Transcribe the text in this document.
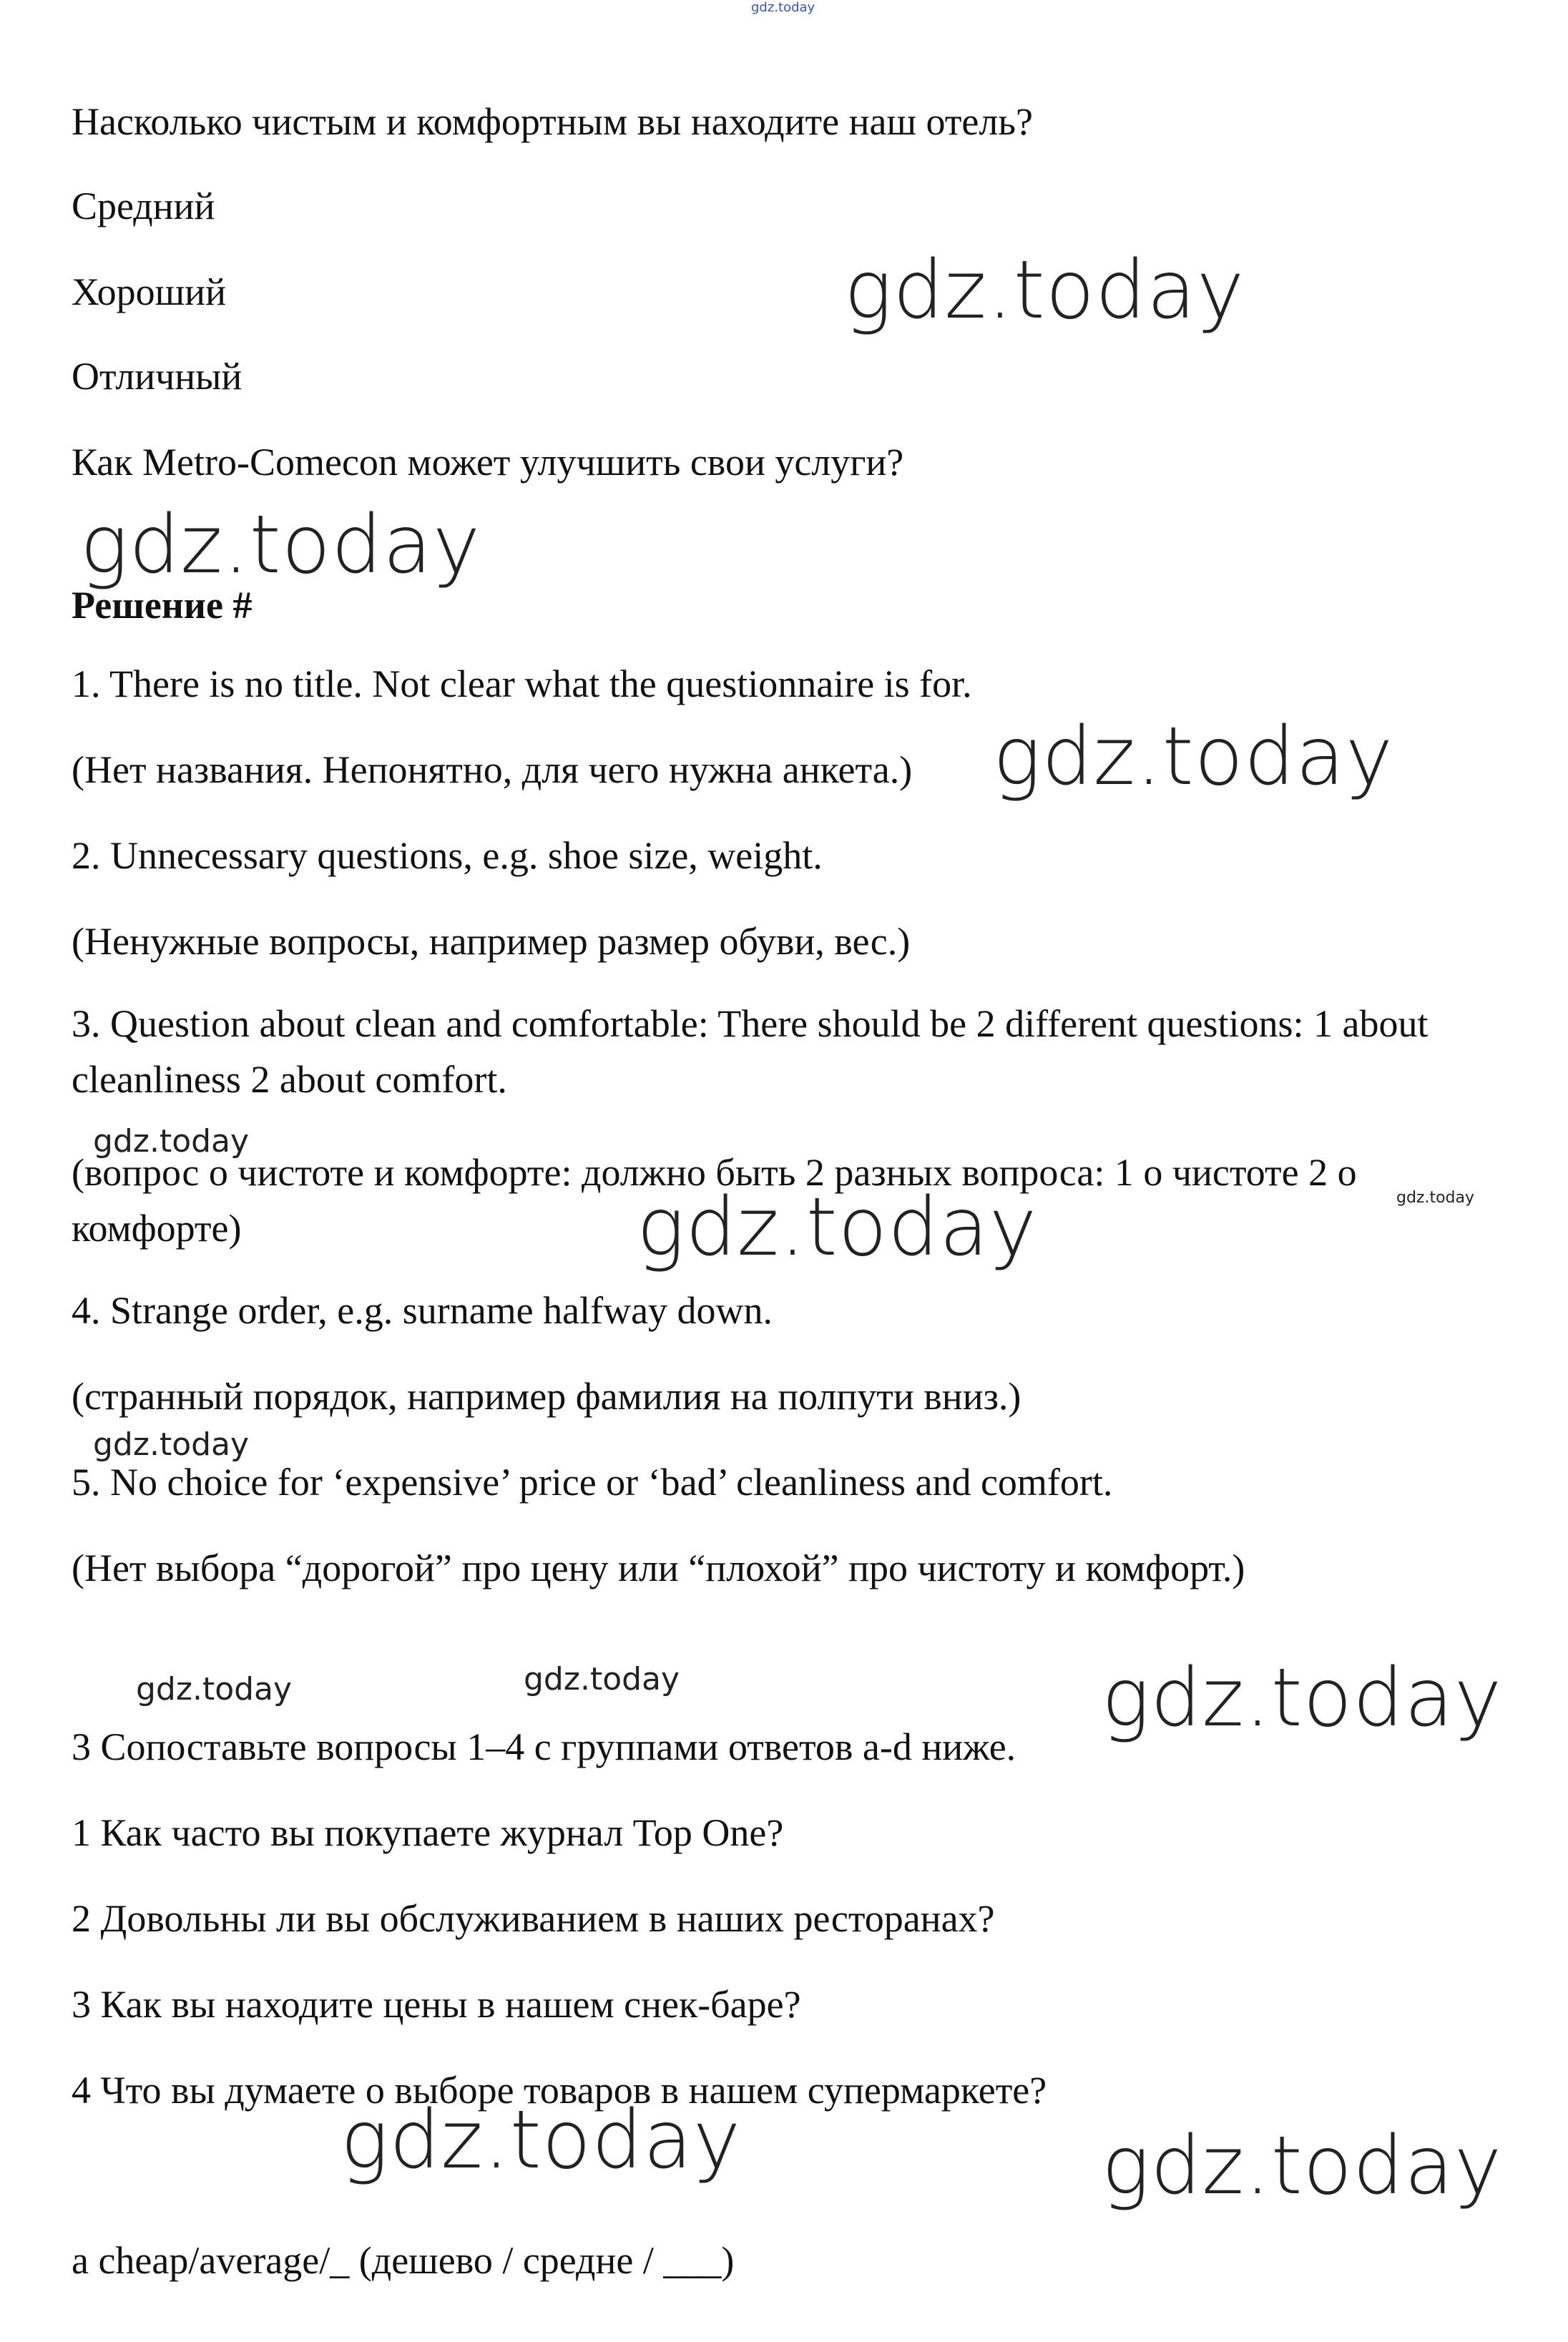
gdz.today
Насколько чистым и комфортным вы находите наш отель?
Средний
Хороший
Отличный
Как Metro-Comecon может улучшить свои услуги?
Решение #
1. There is no title. Not clear what the questionnaire is for.
(Нет названия. Непонятно, для чего нужна анкета.)
2. Unnecessary questions, e.g. shoe size, weight.
(Ненужные вопросы, например размер обуви, вес.)
3. Question about clean and comfortable: There should be 2 different questions: 1 about cleanliness 2 about comfort.
(вопрос о чистоте и комфорте: должно быть 2 разных вопроса: 1 о чистоте 2 о комфорте)
4. Strange order, e.g. surname halfway down.
(странный порядок, например фамилия на полпути вниз.)
5. No choice for ‘expensive’ price or ‘bad’ cleanliness and comfort.
(Нет выбора “дорогой” про цену или “плохой” про чистоту и комфорт.)
3 Сопоставьте вопросы 1–4 с группами ответов a-d ниже.
1 Как часто вы покупаете журнал Top One?
2 Довольны ли вы обслуживанием в наших ресторанах?
3 Как вы находите цены в нашем снек-баре?
4 Что вы думаете о выборе товаров в нашем супермаркете?
a cheap/average/_ (дешево / средне / ___)
gdz.today
gdz.today
gdz.today
gdz.today
gdz.today
gdz.today
gdz.today
gdz.today	gdz.today	gdz.today
gdz.today	gdz.today
